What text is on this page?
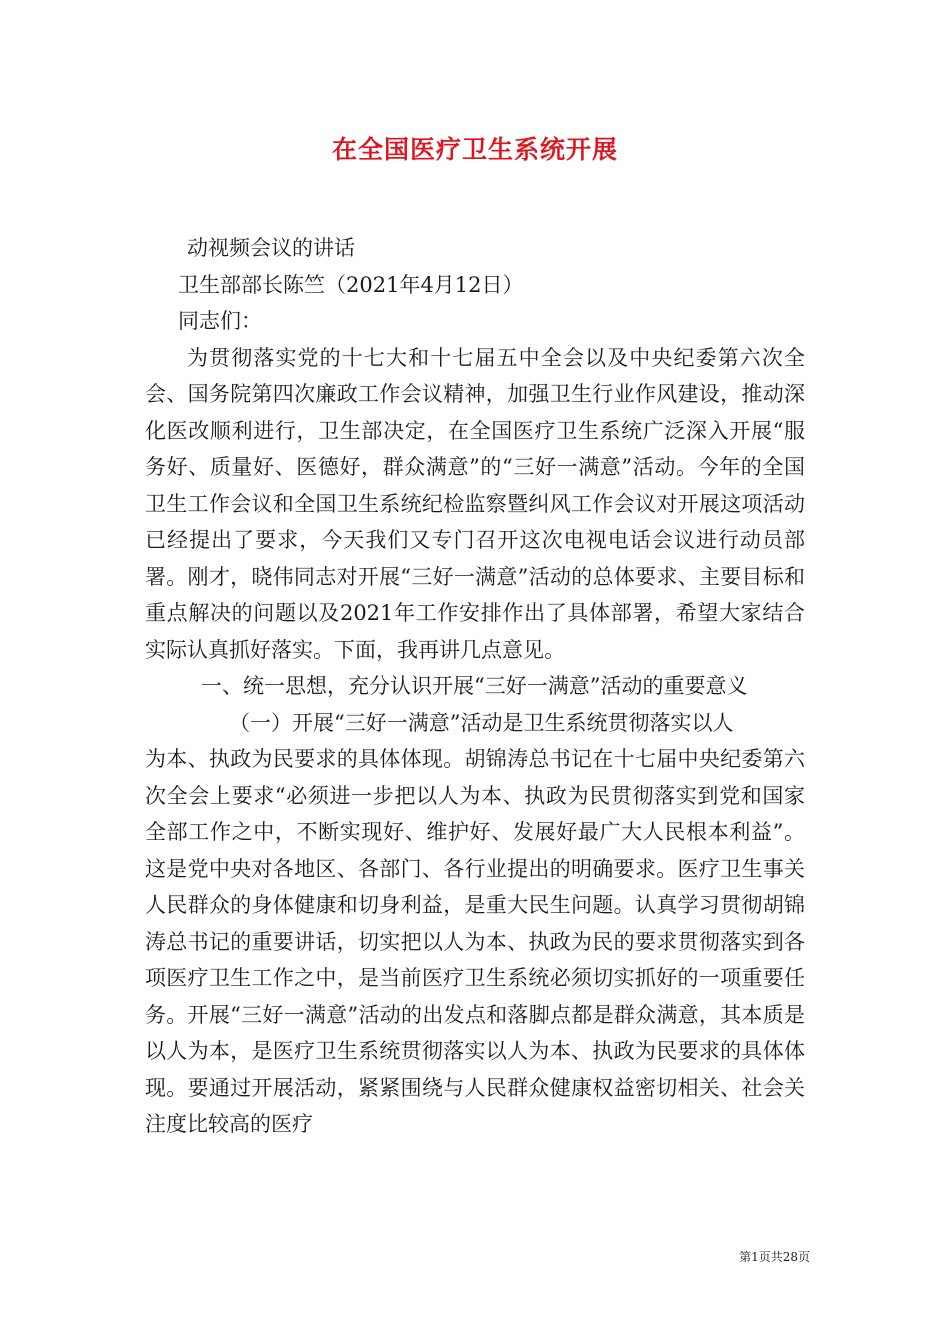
在全国医疗卫生系统开展

动视频会议的讲话

卫生部部长陈竺（2021年4月12日）

同志们：

为贯彻落实党的十七大和十七届五中全会以及中央纪委第六次全会、国务院第四次廉政工作会议精神，加强卫生行业作风建设，推动深化医改顺利进行，卫生部决定，在全国医疗卫生系统广泛深入开展“服务好、质量好、医德好，群众满意”的“三好一满意”活动。今年的全国卫生工作会议和全国卫生系统纪检监察暨纠风工作会议对开展这项活动已经提出了要求，今天我们又专门召开这次电视电话会议进行动员部署。刚才，晓伟同志对开展“三好一满意”活动的总体要求、主要目标和重点解决的问题以及2021年工作安排作出了具体部署，希望大家结合实际认真抓好落实。下面，我再讲几点意见。

一、统一思想，充分认识开展“三好一满意”活动的重要意义

（一）开展“三好一满意”活动是卫生系统贯彻落实以人

为本、执政为民要求的具体体现。胡锦涛总书记在十七届中央纪委第六次全会上要求“必须进一步把以人为本、执政为民贯彻落实到党和国家全部工作之中，不断实现好、维护好、发展好最广大人民根本利益”。这是党中央对各地区、各部门、各行业提出的明确要求。医疗卫生事关人民群众的身体健康和切身利益，是重大民生问题。认真学习贯彻胡锦涛总书记的重要讲话，切实把以人为本、执政为民的要求贯彻落实到各项医疗卫生工作之中，是当前医疗卫生系统必须切实抓好的一项重要任务。开展“三好一满意”活动的出发点和落脚点都是群众满意，其本质是以人为本，是医疗卫生系统贯彻落实以人为本、执政为民要求的具体体现。要通过开展活动，紧紧围绕与人民群众健康权益密切相关、社会关注度比较高的医疗

第1页共28页
